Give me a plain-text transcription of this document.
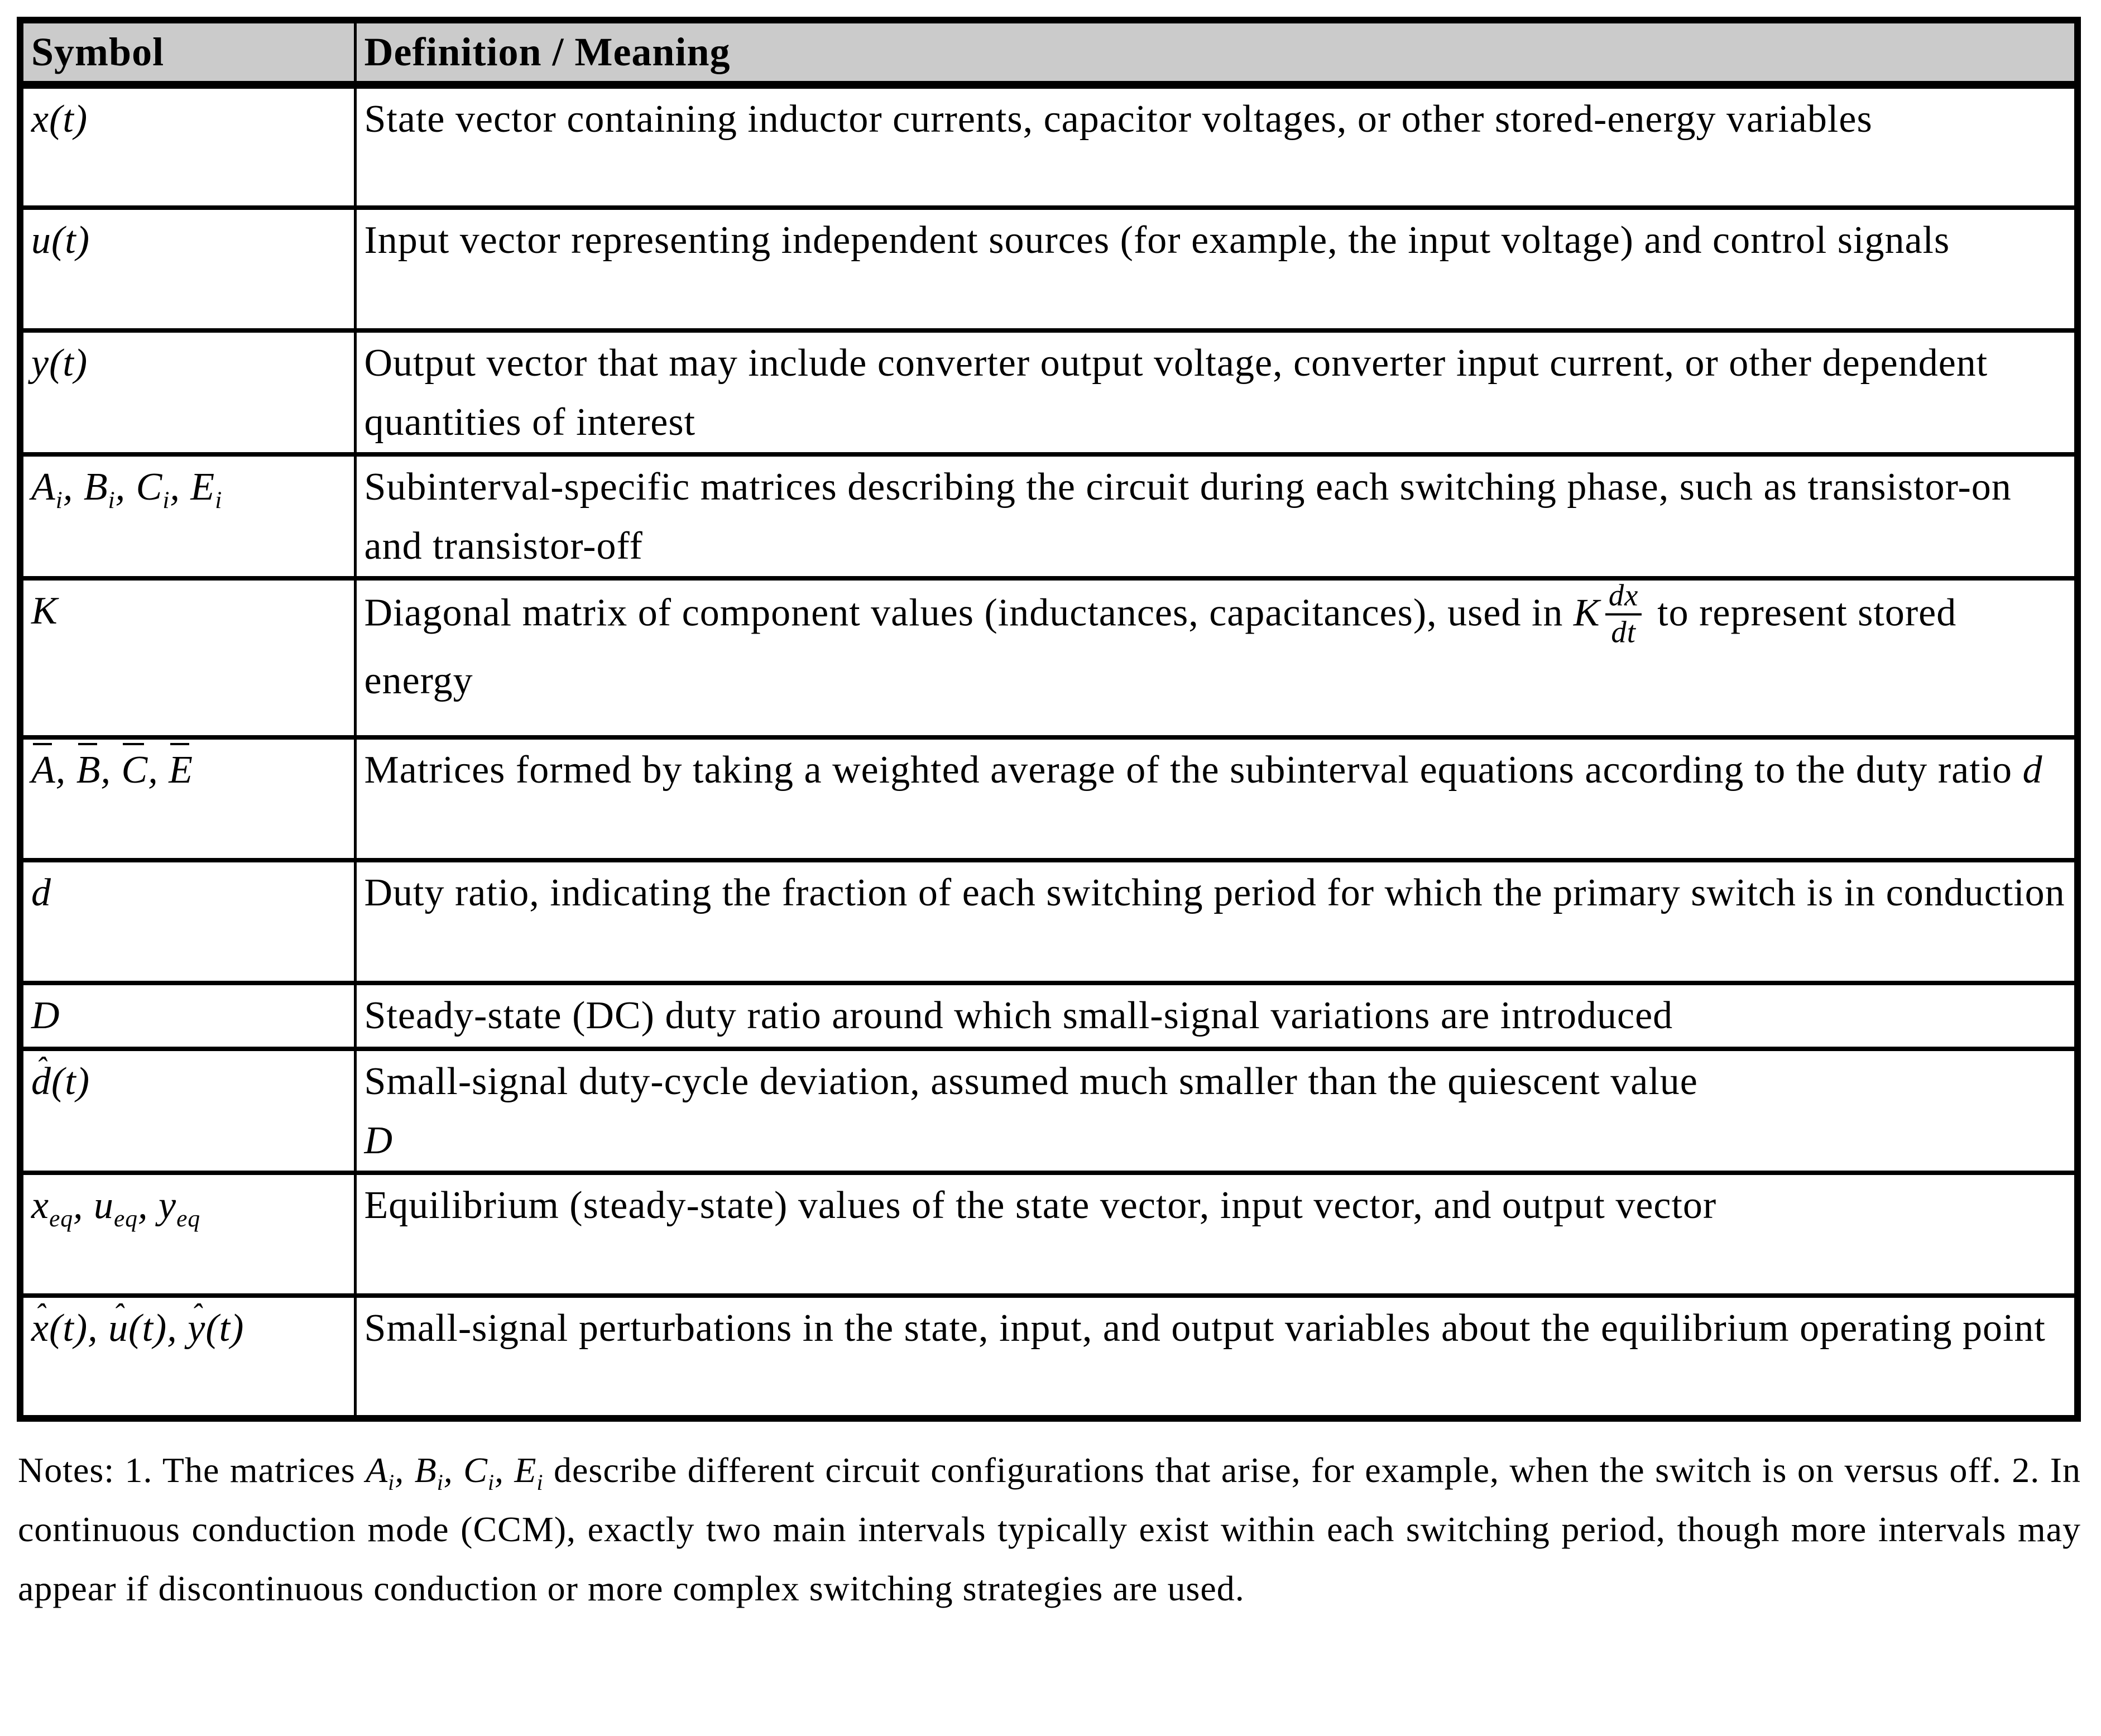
Symbol	Definition / Meaning
x(t)	State vector containing inductor currents, capacitor voltages, or other stored-energy variables
u(t)	Input vector representing independent sources (for example, the input voltage) and control signals
y(t)	Output vector that may include converter output voltage, converter input current, or other dependent quantities of interest
$A_i$, $B_i$, $C_i$, $E_i$	Subinterval-specific matrices describing the circuit during each switching phase, such as transistor-on and transistor-off
K	Diagonal matrix of component values (inductances, capacitances), used in K $\frac{dx}{dt}$ to represent stored energy
A, B, C, E	Matrices formed by taking a weighted average of the subinterval equations according to the duty ratio d
d	Duty ratio, indicating the fraction of each switching period for which the primary switch is in conduction
D	Steady-state (DC) duty ratio around which small-signal variations are introduced
ˆ d(t)	Small-signal duty-cycle deviation, assumed much smaller than the quiescent value
D
$x_{eq}$, $u_{eq}$, $y_{eq}$	Equilibrium (steady-state) values of the state vector, input vector, and output vector
ˆ x(t), ˆ u(t), ˆ y(t)	Small-signal perturbations in the state, input, and output variables about the equilibrium operating point

Notes: 1. The matrices $A_i$, $B_i$, $C_i$, $E_i$ describe different circuit configurations that arise, for example, when the switch is on versus off. 2. In continuous conduction mode (CCM), exactly two main intervals typically exist within each switching period, though more intervals may appear if discontinuous conduction or more complex switching strategies are used.
